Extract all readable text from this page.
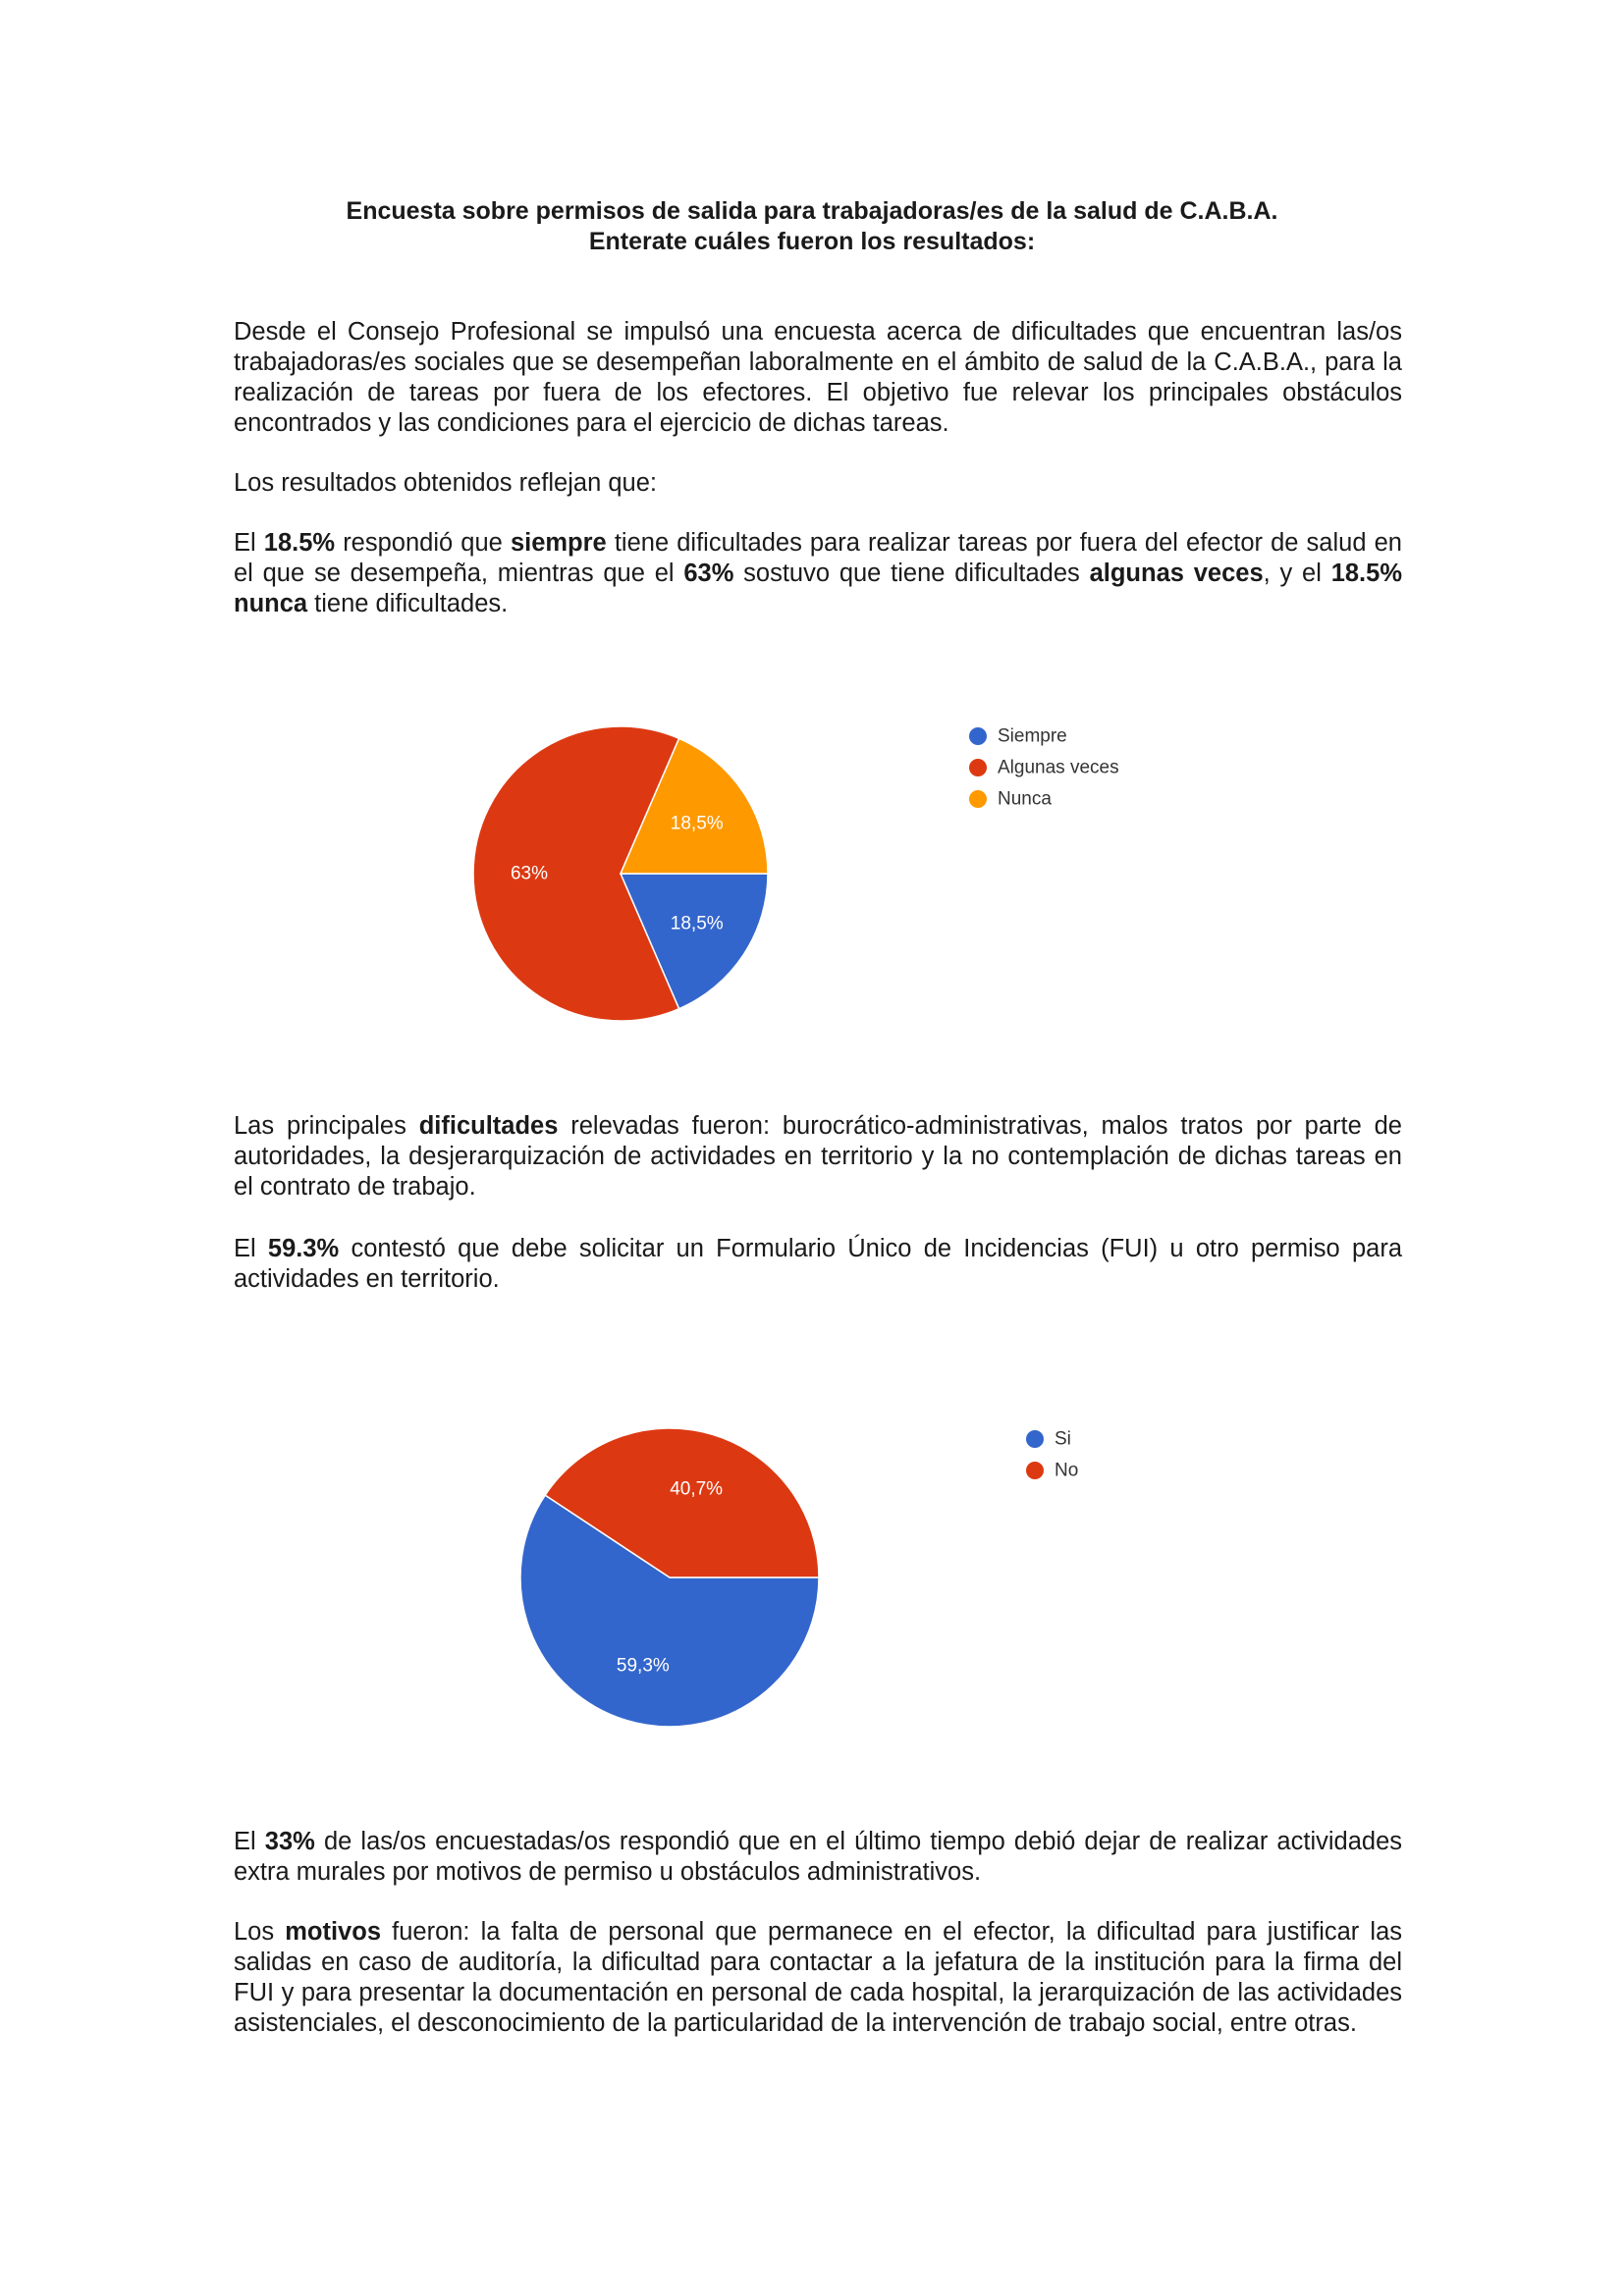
Encuesta sobre permisos de salida para trabajadoras/es de la salud de C.A.B.A.
Enterate cuáles fueron los resultados:

Desde el Consejo Profesional se impulsó una encuesta acerca de dificultades que encuentran las/os trabajadoras/es sociales que se desempeñan laboralmente en el ámbito de salud de la C.A.B.A., para la realización de tareas por fuera de los efectores. El objetivo fue relevar los principales obstáculos encontrados y las condiciones para el ejercicio de dichas tareas.

Los resultados obtenidos reflejan que:

El 18.5% respondió que siempre tiene dificultades para realizar tareas por fuera del efector de salud en el que se desempeña, mientras que el 63% sostuvo que tiene dificultades algunas veces, y el 18.5% nunca tiene dificultades.

18,5%
63%
18,5%
Siempre
Algunas veces
Nunca

Las principales dificultades relevadas fueron: burocrático-administrativas, malos tratos por parte de autoridades, la desjerarquización de actividades en territorio y la no contemplación de dichas tareas en el contrato de trabajo.

El 59.3% contestó que debe solicitar un Formulario Único de Incidencias (FUI) u otro permiso para actividades en territorio.

59,3%
40,7%
Si
No

El 33% de las/os encuestadas/os respondió que en el último tiempo debió dejar de realizar actividades extra murales por motivos de permiso u obstáculos administrativos.

Los motivos fueron: la falta de personal que permanece en el efector, la dificultad para justificar las salidas en caso de auditoría, la dificultad para contactar a la jefatura de la institución para la firma del FUI y para presentar la documentación en personal de cada hospital, la jerarquización de las actividades asistenciales, el desconocimiento de la particularidad de la intervención de trabajo social, entre otras.
